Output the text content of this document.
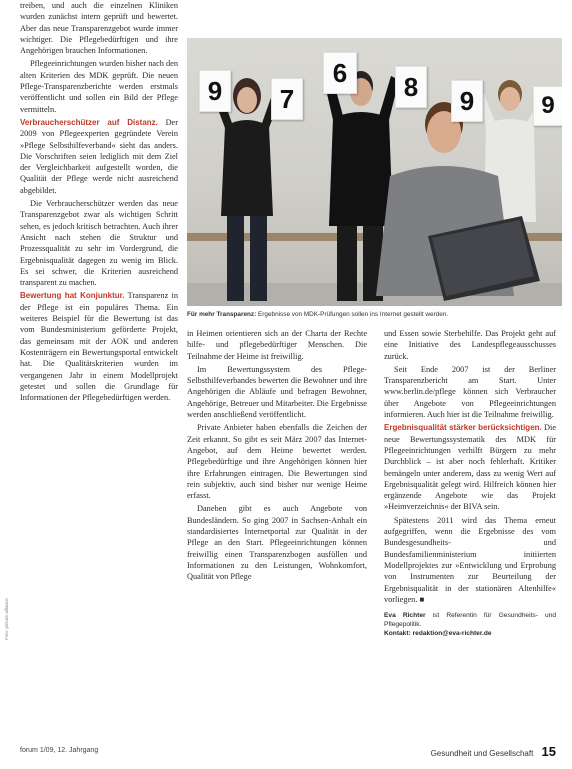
treiben, und auch die einzelnen Kliniken wurden zunächst intern geprüft und bewertet. Aber das neue Transparenzgebot wurde immer wichtiger. Die Pflegebedürftigen und ihre Angehörigen brauchen Informationen.

Pflegeeinrichtungen wurden bisher nach den alten Kriterien des MDK geprüft. Die neuen Pflege-Transparenzberichte werden erstmals veröffentlicht und sollen ein Bild der Pflege vermitteln.

Verbraucherschützer auf Distanz. Der 2009 von Pflegeexperten gegründete Verein »Pflege Selbsthilfeverband« sieht das anders. Die Vorschriften seien lediglich mit dem Ziel der Vergleichbarkeit aufgestellt worden, die Qualität der Pflege werde nicht ausreichend abgebildet.

Die Verbraucherschützer werden das neue Transparenzgebot zwar als wichtigen Schritt sehen, es jedoch kritisch betrachten. Auch ihrer Ansicht nach stehen die Struktur und Prozessqualität zu sehr im Vordergrund, die Ergebnisqualität dagegen zu wenig im Blick. Es sei schwer, die Kriterien ausreichend transparent zu machen.

Bewertung hat Konjunktur. Transparenz in der Pflege ist ein populäres Thema. Ein weiteres Beispiel für die Bewertung ist das vom Bundesministerium geförderte Projekt, das gemeinsam mit der AOK und anderen Kostenträgern ein Bewertungsportal entwickelt hat. Die Qualitätskriterien wurden im vergangenen Jahr in einem Modellprojekt getestet und sollen die Grundlage für Informationen der Pflegebedürftigen werden.

9	7
6	8	9	9
Für mehr Transparenz: Ergebnisse von MDK-Prüfungen sollen ins Internet gestellt werden.

in Heimen orientieren sich an der Charta der Rechte hilfe- und pflegebedürftiger Menschen. Die Teilnahme der Heime ist freiwillig.

Im Bewertungssystem des Pflege-Selbsthilfeverbandes bewerten die Bewohner und ihre Angehörigen die Abläufe und befragen Bewohner, Angehörige, Betreuer und Mitarbeiter. Die Ergebnisse werden anschließend veröffentlicht.

Private Anbieter haben ebenfalls die Zeichen der Zeit erkannt. So gibt es seit März 2007 das Internet-Angebot, auf dem Heime bewertet werden. Pflegebedürftige und ihre Angehörigen können hier ihre Erfahrungen eintragen. Die Bewertungen sind rein subjektiv, auch sind bisher nur wenige Heime erfasst.

Daneben gibt es auch Angebote von Bundesländern. So ging 2007 in Sachsen-Anhalt ein standardisiertes Internetportal zur Qualität in der Pflege an den Start. Pflegeeinrichtungen können freiwillig einen Transparenzbogen ausfüllen und Informationen zu den Leistungen, Wohnkomfort, Qualität von Pflege

und Essen sowie Sterbehilfe. Das Projekt geht auf eine Initiative des Landespflegeausschusses zurück.

Seit Ende 2007 ist der Berliner Transparenzbericht am Start. Unter www.berlin.de/pflege können sich Verbraucher über Angebote von Pflegeeinrichtungen informieren. Auch hier ist die Teilnahme freiwillig.

Ergebnisqualität stärker berücksichtigen. Die neue Bewertungssystematik des MDK für Pflegeeinrichtungen verhilft Bürgern zu mehr Durchblick – ist aber noch fehlerhaft. Kritiker bemängeln unter anderem, dass zu wenig Wert auf Ergebnisqualität gelegt wird. Hilfreich können hier ergänzende Angebote wie das Projekt »Heimverzeichnis« der BIVA sein.

Spätestens 2011 wird das Thema erneut aufgegriffen, wenn die Ergebnisse des vom Bundesgesundheits- und Bundesfamilienministerium initiierten Modellprojektes zur »Entwicklung und Erprobung von Instrumenten zur Beurteilung der Ergebnisqualität in der stationären Altenhilfe« vorliegen. ■

Eva Richter ist Referentin für Gesundheits- und Pflegepolitik.
Kontakt: redaktion@eva-richter.de
Foto: picture-alliance
forum 1/09, 12. Jahrgang	Gesundheit und Gesellschaft 15
